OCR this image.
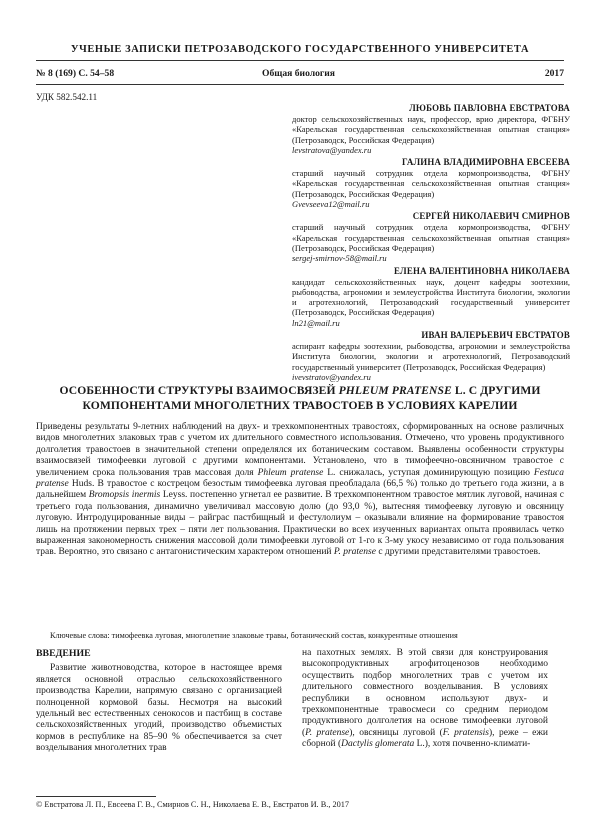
УЧЕНЫЕ ЗАПИСКИ ПЕТРОЗАВОДСКОГО ГОСУДАРСТВЕННОГО УНИВЕРСИТЕТА
№ 8 (169) С. 54–58	Общая биология	2017
УДК 582.542.11
ЛЮБОВЬ ПАВЛОВНА ЕВСТРАТОВА
доктор сельскохозяйственных наук, профессор, врио директора, ФГБНУ «Карельская государственная сельскохозяйственная опытная станция» (Петрозаводск, Российская Федерация)
levstratova@yandex.ru
ГАЛИНА ВЛАДИМИРОВНА ЕВСЕЕВА
старший научный сотрудник отдела кормопроизводства, ФГБНУ «Карельская государственная сельскохозяйственная опытная станция» (Петрозаводск, Российская Федерация)
Gvevseeva12@mail.ru
СЕРГЕЙ НИКОЛАЕВИЧ СМИРНОВ
старший научный сотрудник отдела кормопроизводства, ФГБНУ «Карельская государственная сельскохозяйственная опытная станция» (Петрозаводск, Российская Федерация)
sergej-smirnov-58@mail.ru
ЕЛЕНА ВАЛЕНТИНОВНА НИКОЛАЕВА
кандидат сельскохозяйственных наук, доцент кафедры зоотехнии, рыбоводства, агрономии и землеустройства Института биологии, экологии и агротехнологий, Петрозаводский государственный университет (Петрозаводск, Российская Федерация)
ln21@mail.ru
ИВАН ВАЛЕРЬЕВИЧ ЕВСТРАТОВ
аспирант кафедры зоотехнии, рыбоводства, агрономии и землеустройства Института биологии, экологии и агротехнологий, Петрозаводский государственный университет (Петрозаводск, Российская Федерация)
ivevstratov@yandex.ru
ОСОБЕННОСТИ СТРУКТУРЫ ВЗАИМОСВЯЗЕЙ PHLEUM PRATENSE L. С ДРУГИМИ КОМПОНЕНТАМИ МНОГОЛЕТНИХ ТРАВОСТОЕВ В УСЛОВИЯХ КАРЕЛИИ
Приведены результаты 9-летних наблюдений на двух- и трехкомпонентных травостоях, сформированных на основе различных видов многолетних злаковых трав с учетом их длительного совместного использования. Отмечено, что уровень продуктивного долголетия травостоев в значительной степени определялся их ботаническим составом. Выявлены особенности структуры взаимосвязей тимофеевки луговой с другими компонентами. Установлено, что в тимофеечно-овсяничном травостое с увеличением срока пользования трав массовая доля Phleum pratense L. снижалась, уступая доминирующую позицию Festuca pratense Huds. В травостое с кострецом безостым тимофеевка луговая преобладала (66,5 %) только до третьего года жизни, а в дальнейшем Bromopsis inermis Leyss. постепенно угнетал ее развитие. В трехкомпонентном травостое мятлик луговой, начиная с третьего года пользования, динамично увеличивал массовую долю (до 93,0 %), вытесняя тимофеевку луговую и овсяницу луговую. Интродуцированные виды – райграс пастбищный и фестулолиум – оказывали влияние на формирование травостоя лишь на протяжении первых трех – пяти лет пользования. Практически во всех изученных вариантах опыта проявилась четко выраженная закономерность снижения массовой доли тимофеевки луговой от 1-го к 3-му укосу независимо от года пользования трав. Вероятно, это связано с антагонистическим характером отношений P. pratense с другими представителями травостоев.
Ключевые слова: тимофеевка луговая, многолетние злаковые травы, ботанический состав, конкурентные отношения
ВВЕДЕНИЕ
Развитие животноводства, которое в настоящее время является основной отраслью сельскохозяйственного производства Карелии, напрямую связано с организацией полноценной кормовой базы. Несмотря на высокий удельный вес естественных сенокосов и пастбищ в составе сельскохозяйственных угодий, производство объемистых кормов в республике на 85–90 % обеспечивается за счет возделывания многолетних трав
на пахотных землях. В этой связи для конструирования высокопродуктивных агрофитоценозов необходимо осуществить подбор многолетних трав с учетом их длительного совместного возделывания. В условиях республики в основном используют двух- и трехкомпонентные травосмеси со средним периодом продуктивного долголетия на основе тимофеевки луговой (P. pratense), овсяницы луговой (F. pratensis), реже – ежи сборной (Dactylis glomerata L.), хотя почвенно-климати-
© Евстратова Л. П., Евсеева Г. В., Смирнов С. Н., Николаева Е. В., Евстратов И. В., 2017
